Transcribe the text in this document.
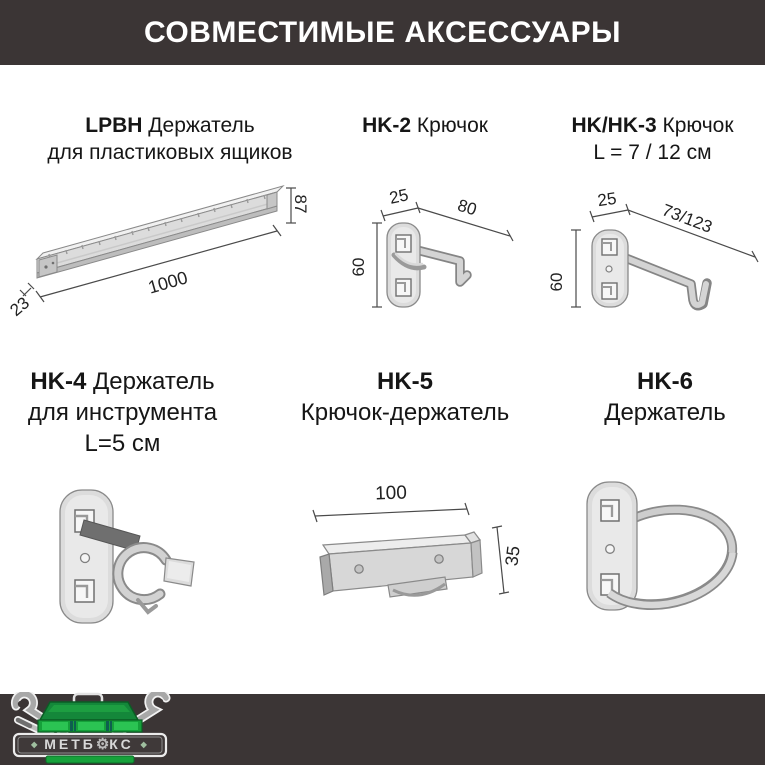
СОВМЕСТИМЫЕ АКСЕССУАРЫ
LPBH Держатель
для пластиковых ящиков
HK-2 Крючок	HK/HK-3 Крючок
L = 7 / 12 см
HK-4 Держатель
для инструмента
L=5 см
HK-5
Крючок-держатель
HK-6
Держатель
87
1000
23
25	80
60
25
73/123
60
100
35
◆ МЕТБ⚙КС ◆
